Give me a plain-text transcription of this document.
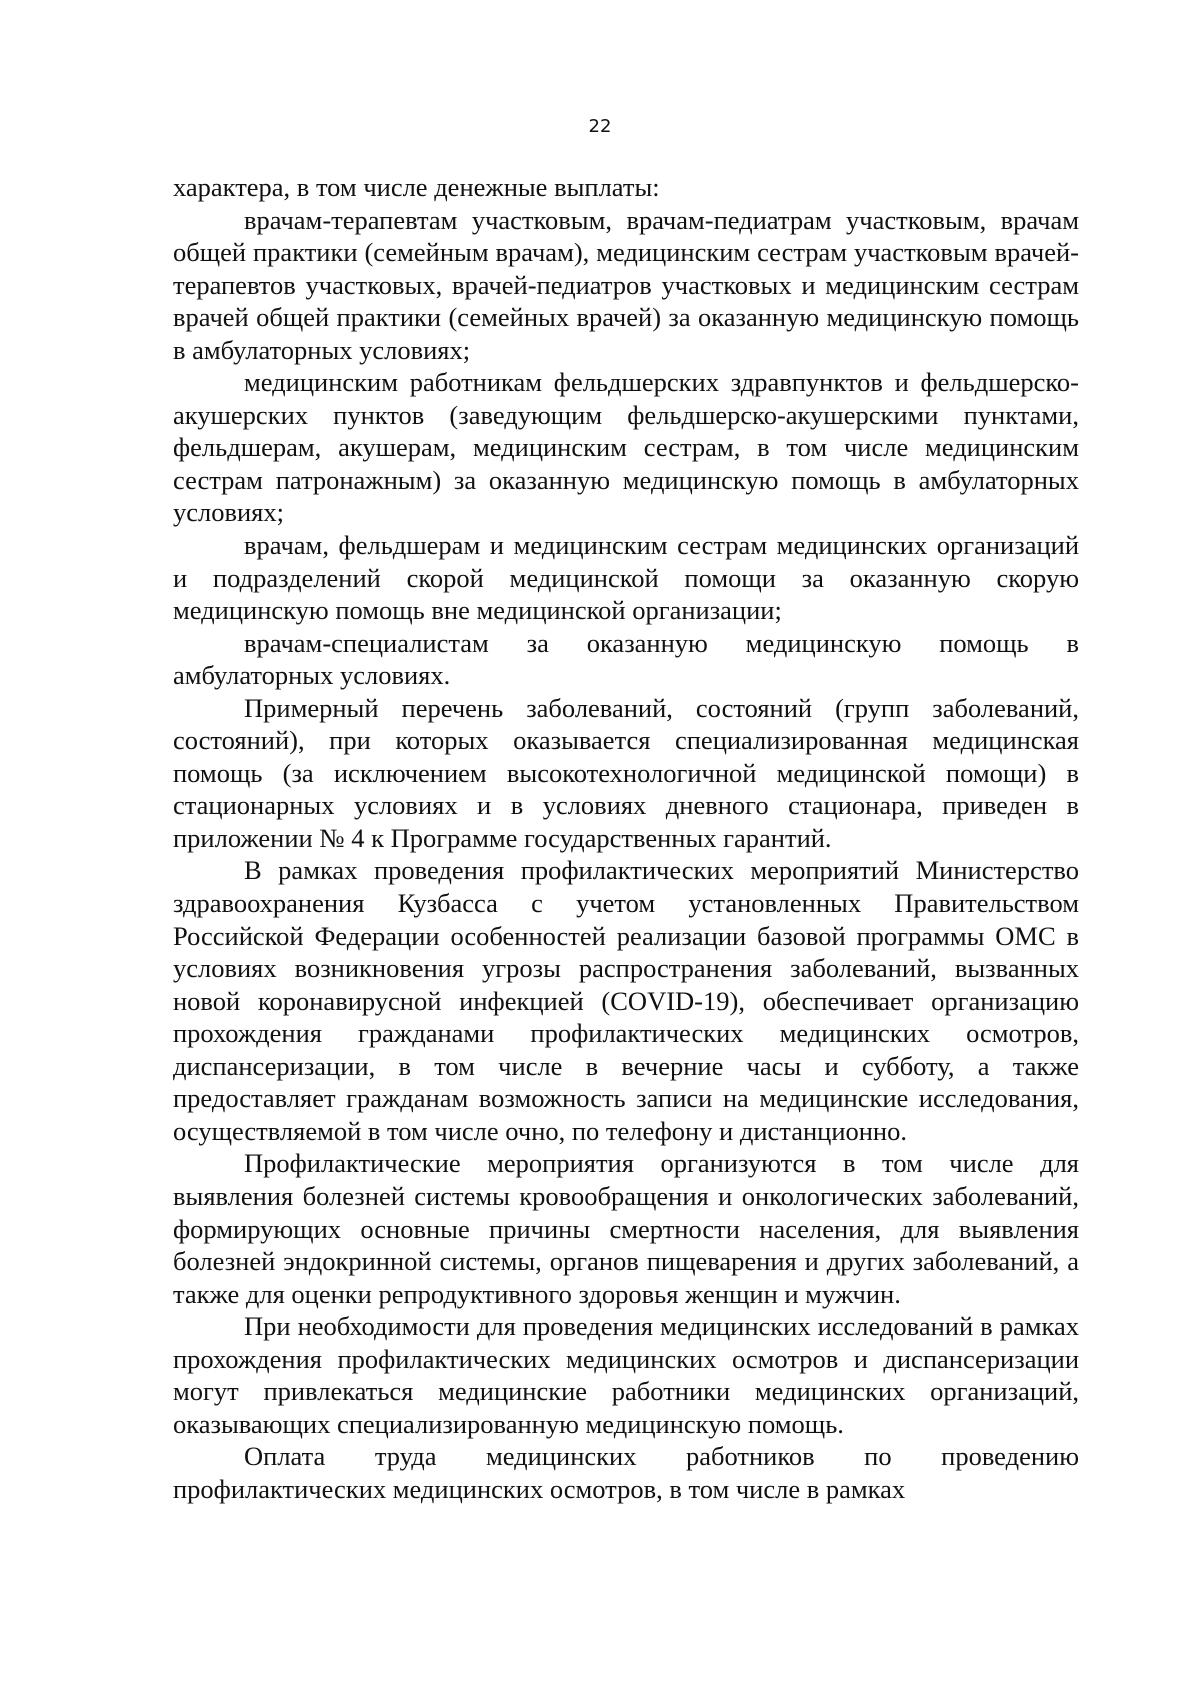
22

характера, в том числе денежные выплаты:

врачам-терапевтам участковым, врачам-педиатрам участковым, врачам общей практики (семейным врачам), медицинским сестрам участковым врачей-терапевтов участковых, врачей-педиатров участковых и медицинским сестрам врачей общей практики (семейных врачей) за оказанную медицинскую помощь в амбулаторных условиях;

медицинским работникам фельдшерских здравпунктов и фельдшерско-акушерских пунктов (заведующим фельдшерско-акушерскими пунктами, фельдшерам, акушерам, медицинским сестрам, в том числе медицинским сестрам патронажным) за оказанную медицинскую помощь в амбулаторных условиях;

врачам, фельдшерам и медицинским сестрам медицинских организаций и подразделений скорой медицинской помощи за оказанную скорую медицинскую помощь вне медицинской организации;

врачам-специалистам за оказанную медицинскую помощь в амбулаторных условиях.

Примерный перечень заболеваний, состояний (групп заболеваний, состояний), при которых оказывается специализированная медицинская помощь (за исключением высокотехнологичной медицинской помощи) в стационарных условиях и в условиях дневного стационара, приведен в приложении № 4 к Программе государственных гарантий.

В рамках проведения профилактических мероприятий Министерство здравоохранения Кузбасса с учетом установленных Правительством Российской Федерации особенностей реализации базовой программы ОМС в условиях возникновения угрозы распространения заболеваний, вызванных новой коронавирусной инфекцией (COVID-19), обеспечивает организацию прохождения гражданами профилактических медицинских осмотров, диспансеризации, в том числе в вечерние часы и субботу, а также предоставляет гражданам возможность записи на медицинские исследования, осуществляемой в том числе очно, по телефону и дистанционно.

Профилактические мероприятия организуются в том числе для выявления болезней системы кровообращения и онкологических заболеваний, формирующих основные причины смертности населения, для выявления болезней эндокринной системы, органов пищеварения и других заболеваний, а также для оценки репродуктивного здоровья женщин и мужчин.

При необходимости для проведения медицинских исследований в рамках прохождения профилактических медицинских осмотров и диспансеризации могут привлекаться медицинские работники медицинских организаций, оказывающих специализированную медицинскую помощь.

Оплата труда медицинских работников по проведению профилактических медицинских осмотров, в том числе в рамках
